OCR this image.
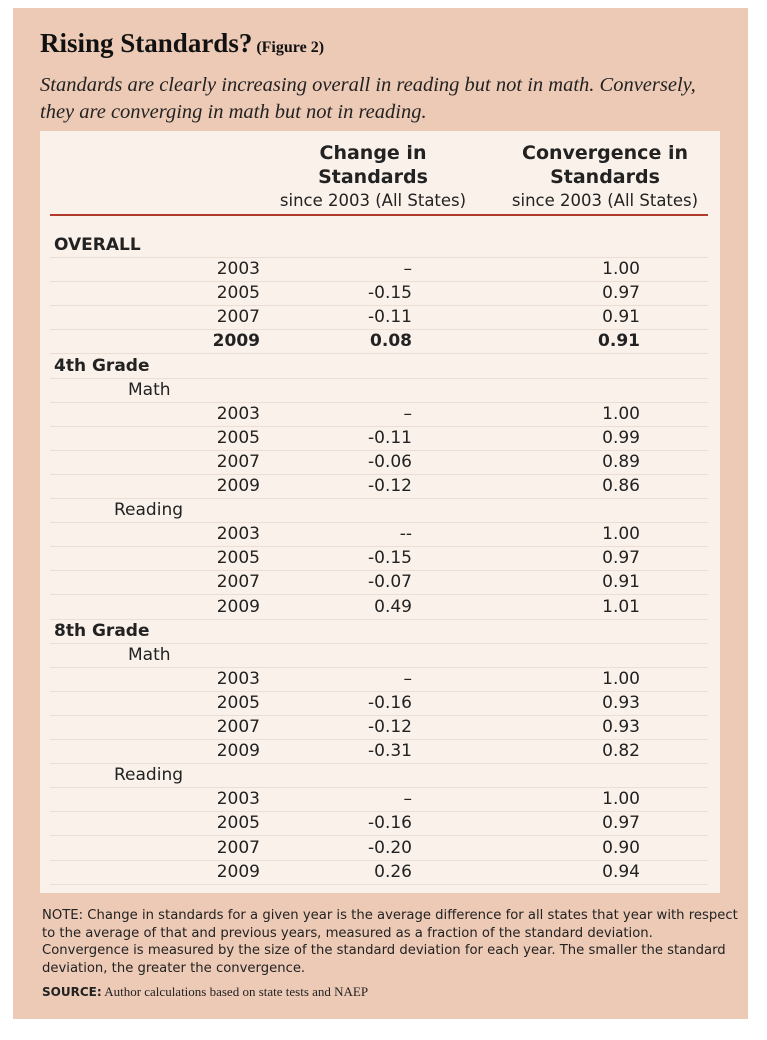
Rising Standards? (Figure 2)

Standards are clearly increasing overall in reading but not in math. Conversely, they are converging in math but not in reading.

Change in Standards
since 2003 (All States)
Convergence in Standards
since 2003 (All States)
OVERALL
2003	–	1.00
2005	-0.15	0.97
2007	-0.11	0.91
2009	0.08	0.91
4th Grade
Math
2003	–	1.00
2005	-0.11	0.99
2007	-0.06	0.89
2009	-0.12	0.86
Reading
2003	--	1.00
2005	-0.15	0.97
2007	-0.07	0.91
2009	0.49	1.01
8th Grade
Math
2003	–	1.00
2005	-0.16	0.93
2007	-0.12	0.93
2009	-0.31	0.82
Reading
2003	–	1.00
2005	-0.16	0.97
2007	-0.20	0.90
2009	0.26	0.94

NOTE: Change in standards for a given year is the average difference for all states that year with respect to the average of that and previous years, measured as a fraction of the standard deviation. Convergence is measured by the size of the standard deviation for each year. The smaller the standard deviation, the greater the convergence.

SOURCE: Author calculations based on state tests and NAEP
